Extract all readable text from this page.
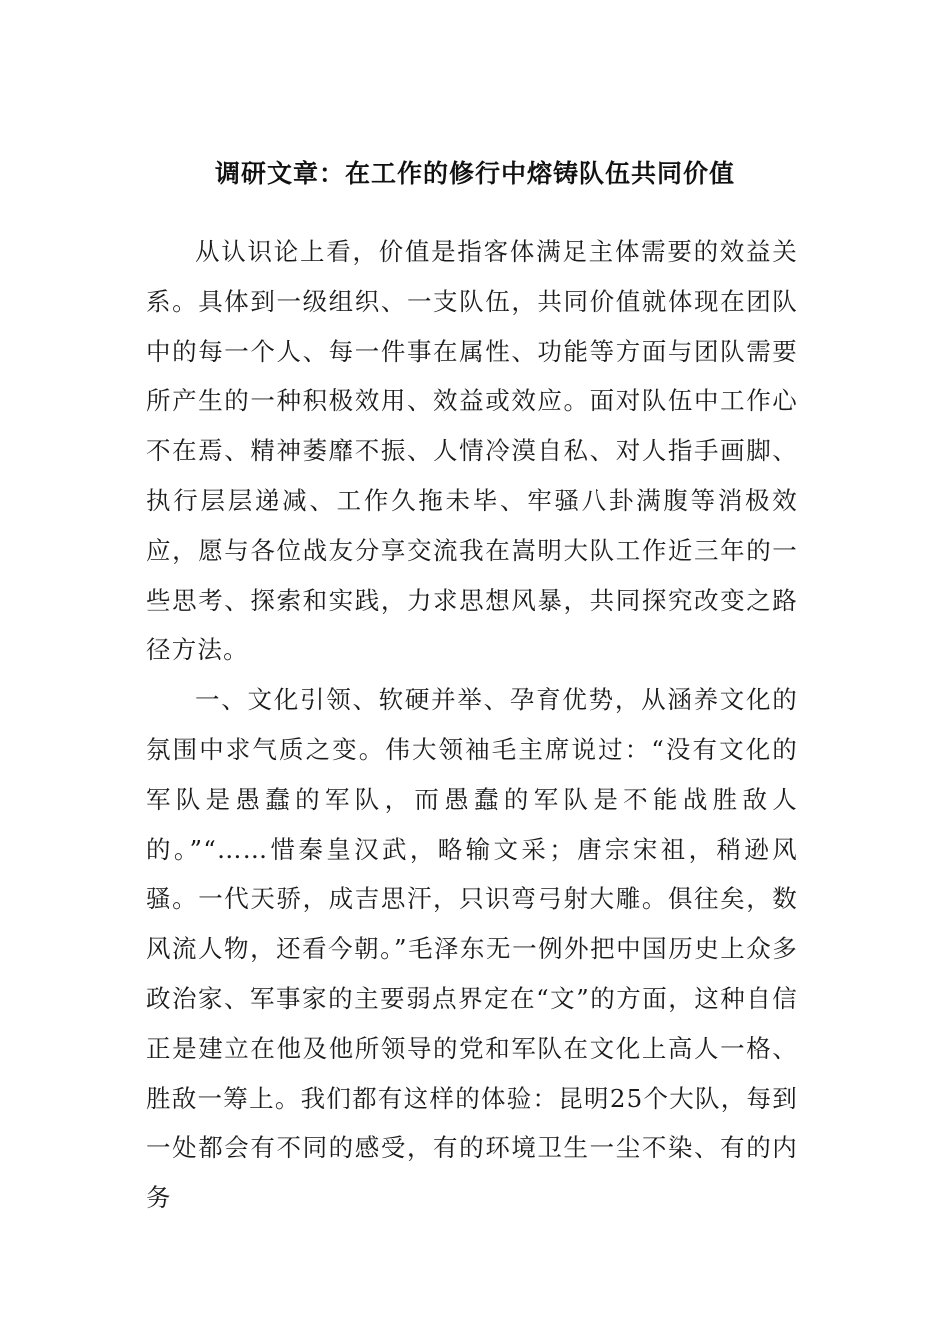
调研文章：在工作的修行中熔铸队伍共同价值

从认识论上看，价值是指客体满足主体需要的效益关系。具体到一级组织、一支队伍，共同价值就体现在团队中的每一个人、每一件事在属性、功能等方面与团队需要所产生的一种积极效用、效益或效应。面对队伍中工作心不在焉、精神萎靡不振、人情冷漠自私、对人指手画脚、执行层层递减、工作久拖未毕、牢骚八卦满腹等消极效应，愿与各位战友分享交流我在嵩明大队工作近三年的一些思考、探索和实践，力求思想风暴，共同探究改变之路径方法。

一、文化引领、软硬并举、孕育优势，从涵养文化的氛围中求气质之变。伟大领袖毛主席说过：“没有文化的军队是愚蠢的军队，而愚蠢的军队是不能战胜敌人的。”“……惜秦皇汉武，略输文采；唐宗宋祖，稍逊风骚。一代天骄，成吉思汗，只识弯弓射大雕。俱往矣，数风流人物，还看今朝。”毛泽东无一例外把中国历史上众多政治家、军事家的主要弱点界定在“文”的方面，这种自信正是建立在他及他所领导的党和军队在文化上高人一格、胜敌一筹上。我们都有这样的体验：昆明25个大队，每到一处都会有不同的感受，有的环境卫生一尘不染、有的内务
